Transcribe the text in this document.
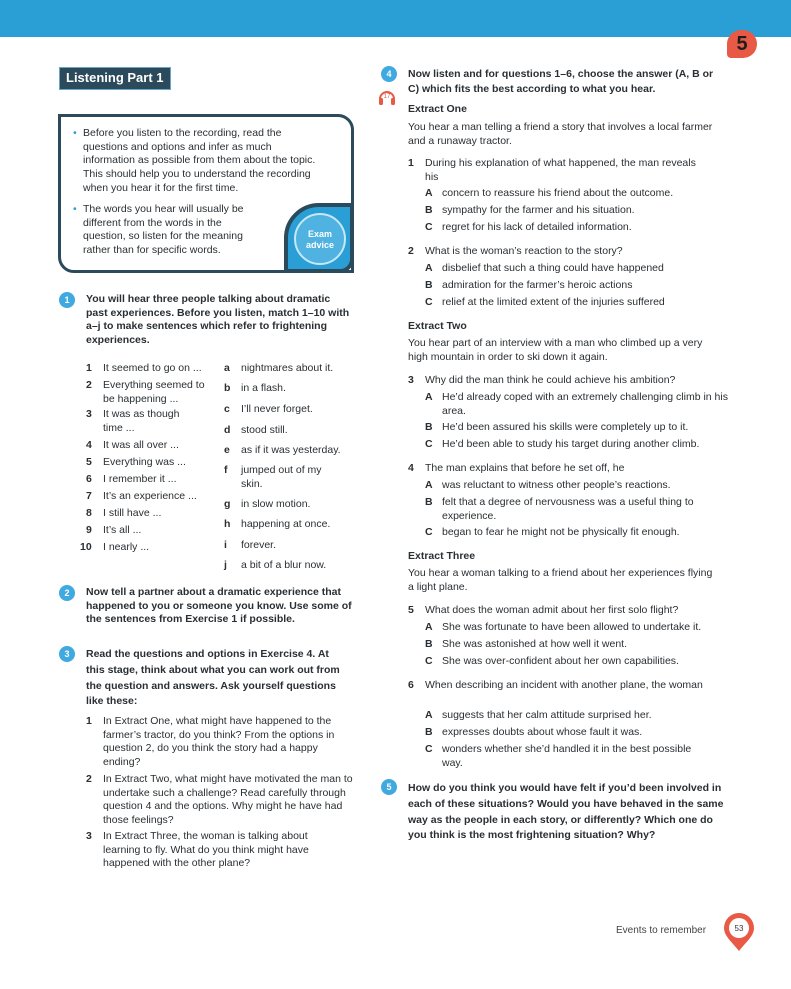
5
Listening Part 1
• Before you listen to the recording, read the questions and options and infer as much information as possible from them about the topic. This should help you to understand the recording when you hear it for the first time.
• The words you hear will usually be different from the words in the question, so listen for the meaning rather than for specific words.
Exam advice
1	You will hear three people talking about dramatic past experiences. Before you listen, match 1–10 with a–j to make sentences which refer to frightening experiences.
1	It seemed to go on ...
2 Everything seemed to be happening ...
3 It was as though time ...
4 It was all over ...
5 Everything was ...
6 I remember it ...
7 It’s an experience ...
8 I still have ...
9 It’s all ...
10 I nearly ...
a nightmares about it.
b in a flash.
c I’ll never forget.
d stood still.
e as if it was yesterday.
f jumped out of my skin.
g in slow motion.
h happening at once.
i forever.
j a bit of a blur now.
2	Now tell a partner about a dramatic experience that happened to you or someone you know. Use some of the sentences from Exercise 1 if possible.
3	Read the questions and options in Exercise 4. At this stage, think about what you can work out from the question and answers. Ask yourself questions like these:
1 In Extract One, what might have happened to the farmer’s tractor, do you think? From the options in question 2, do you think the story had a happy ending?
2 In Extract Two, what might have motivated the man to undertake such a challenge? Read carefully through question 4 and the options. Why might he have had those feelings?
3 In Extract Three, the woman is talking about learning to fly. What do you think might have happened with the other plane?
4
17
Now listen and for questions 1–6, choose the answer (A, B or C) which fits the best according to what you hear.
Extract One
You hear a man telling a friend a story that involves a local farmer and a runaway tractor.
1 During his explanation of what happened, the man reveals his
A concern to reassure his friend about the outcome.
B sympathy for the farmer and his situation.
C regret for his lack of detailed information.
2 What is the woman’s reaction to the story?
A disbelief that such a thing could have happened
B admiration for the farmer’s heroic actions
C relief at the limited extent of the injuries suffered
Extract Two
You hear part of an interview with a man who climbed up a very high mountain in order to ski down it again.
3 Why did the man think he could achieve his ambition?
A He’d already coped with an extremely challenging climb in his area.
B He’d been assured his skills were completely up to it.
C He’d been able to study his target during another climb.
4 The man explains that before he set off, he
A was reluctant to witness other people’s reactions.
B felt that a degree of nervousness was a useful thing to experience.
C began to fear he might not be physically fit enough.
Extract Three
You hear a woman talking to a friend about her experiences flying a light plane.
5 What does the woman admit about her first solo flight?
A She was fortunate to have been allowed to undertake it.
B She was astonished at how well it went.
C She was over-confident about her own capabilities.
6 When describing an incident with another plane, the woman
A suggests that her calm attitude surprised her.
B expresses doubts about whose fault it was.
C wonders whether she’d handled it in the best possible way.
5	How do you think you would have felt if you’d been involved in each of these situations? Would you have behaved in the same way as the people in each story, or differently? Which one do you think is the most frightening situation? Why?
Events to remember	53
